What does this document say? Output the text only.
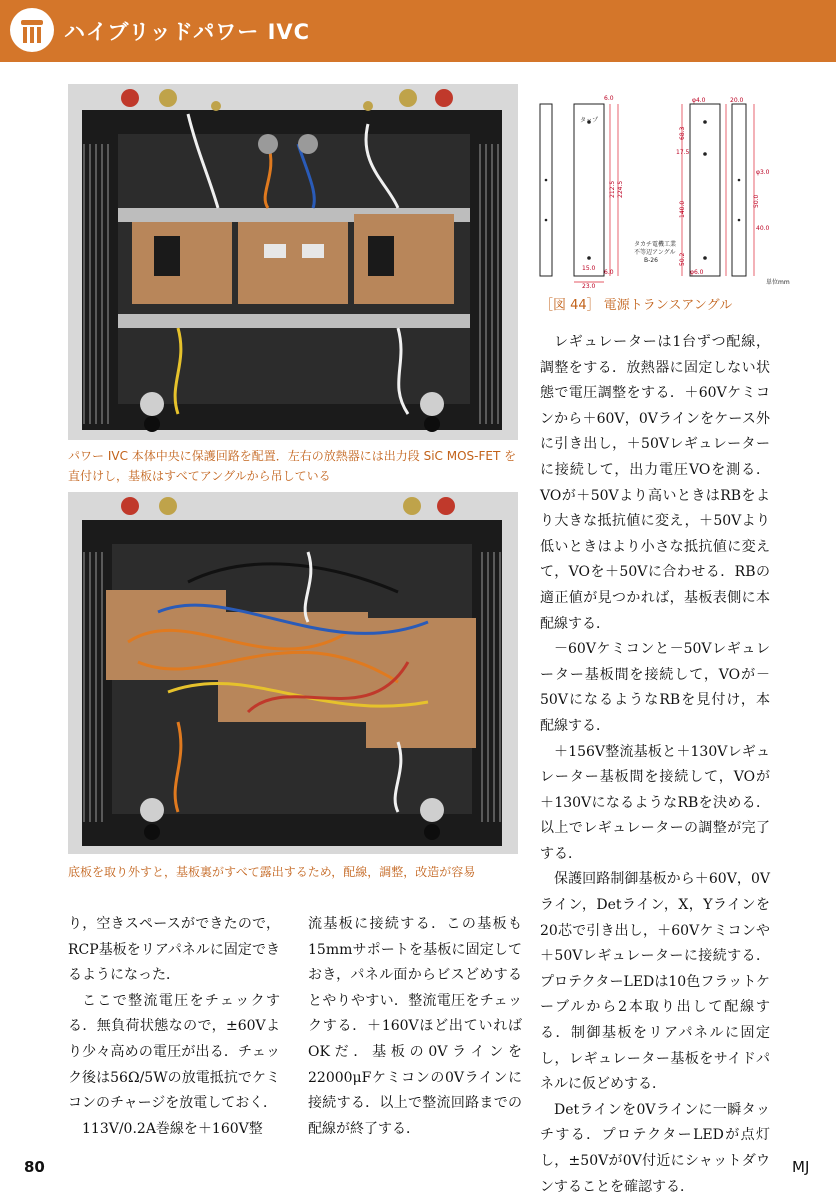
ハイブリッドパワー IVC
パワー IVC 本体中央に保護回路を配置．左右の放熱器には出力段 SiC MOS-FET を直付けし，基板はすべてアングルから吊している
底板を取り外すと，基板裏がすべて露出するため，配線，調整，改造が容易
6.0
212.5 224.5
6.0
23.0
15.0
φ4.0
68.3
17.5
140.0
50.2
20.0
φ3.0
50.0
40.0
φ6.0
タップ
タカチ電機工業
不等辺アングル
B-26
単位mm
［図 44］ 電源トランスアングル

レギュレーターは1台ずつ配線，調整をする．放熱器に固定しない状態で電圧調整をする．＋60Vケミコンから＋60V，0Vラインをケース外に引き出し，＋50Vレギュレーターに接続して，出力電圧VOを測る．VOが＋50Vより高いときはRBをより大きな抵抗値に変え，＋50Vより低いときはより小さな抵抗値に変えて，VOを＋50Vに合わせる．RBの適正値が見つかれば，基板表側に本配線する．

－60Vケミコンと－50Vレギュレーター基板間を接続して，VOが－50VになるようなRBを見付け，本配線する．

＋156V整流基板と＋130Vレギュレーター基板間を接続して，VOが＋130VになるようなRBを決める．以上でレギュレーターの調整が完了する．

保護回路制御基板から＋60V，0Vライン，Detライン，X，Yラインを20芯で引き出し，＋60Vケミコンや＋50Vレギュレーターに接続する．プロテクターLEDは10色フラットケーブルから2本取り出して配線する．制御基板をリアパネルに固定し，レギュレーター基板をサイドパネルに仮どめする．

Detラインを0Vラインに一瞬タッチする．プロテクターLEDが点灯し，±50Vが0V付近にシャットダウンすることを確認する．

り，空きスペースができたので，RCP基板をリアパネルに固定できるようになった．

ここで整流電圧をチェックする．無負荷状態なので，±60Vより少々高めの電圧が出る．チェック後は56Ω/5Wの放電抵抗でケミコンのチャージを放電しておく．

113V/0.2A巻線を＋160V整

流基板に接続する．この基板も15mmサポートを基板に固定しておき，パネル面からビスどめするとやりやすい．整流電圧をチェックする．＋160Vほど出ていればOKだ．基板の0Vラインを22000μFケミコンの0Vラインに接続する．以上で整流回路までの配線が終了する．

80	MJ
